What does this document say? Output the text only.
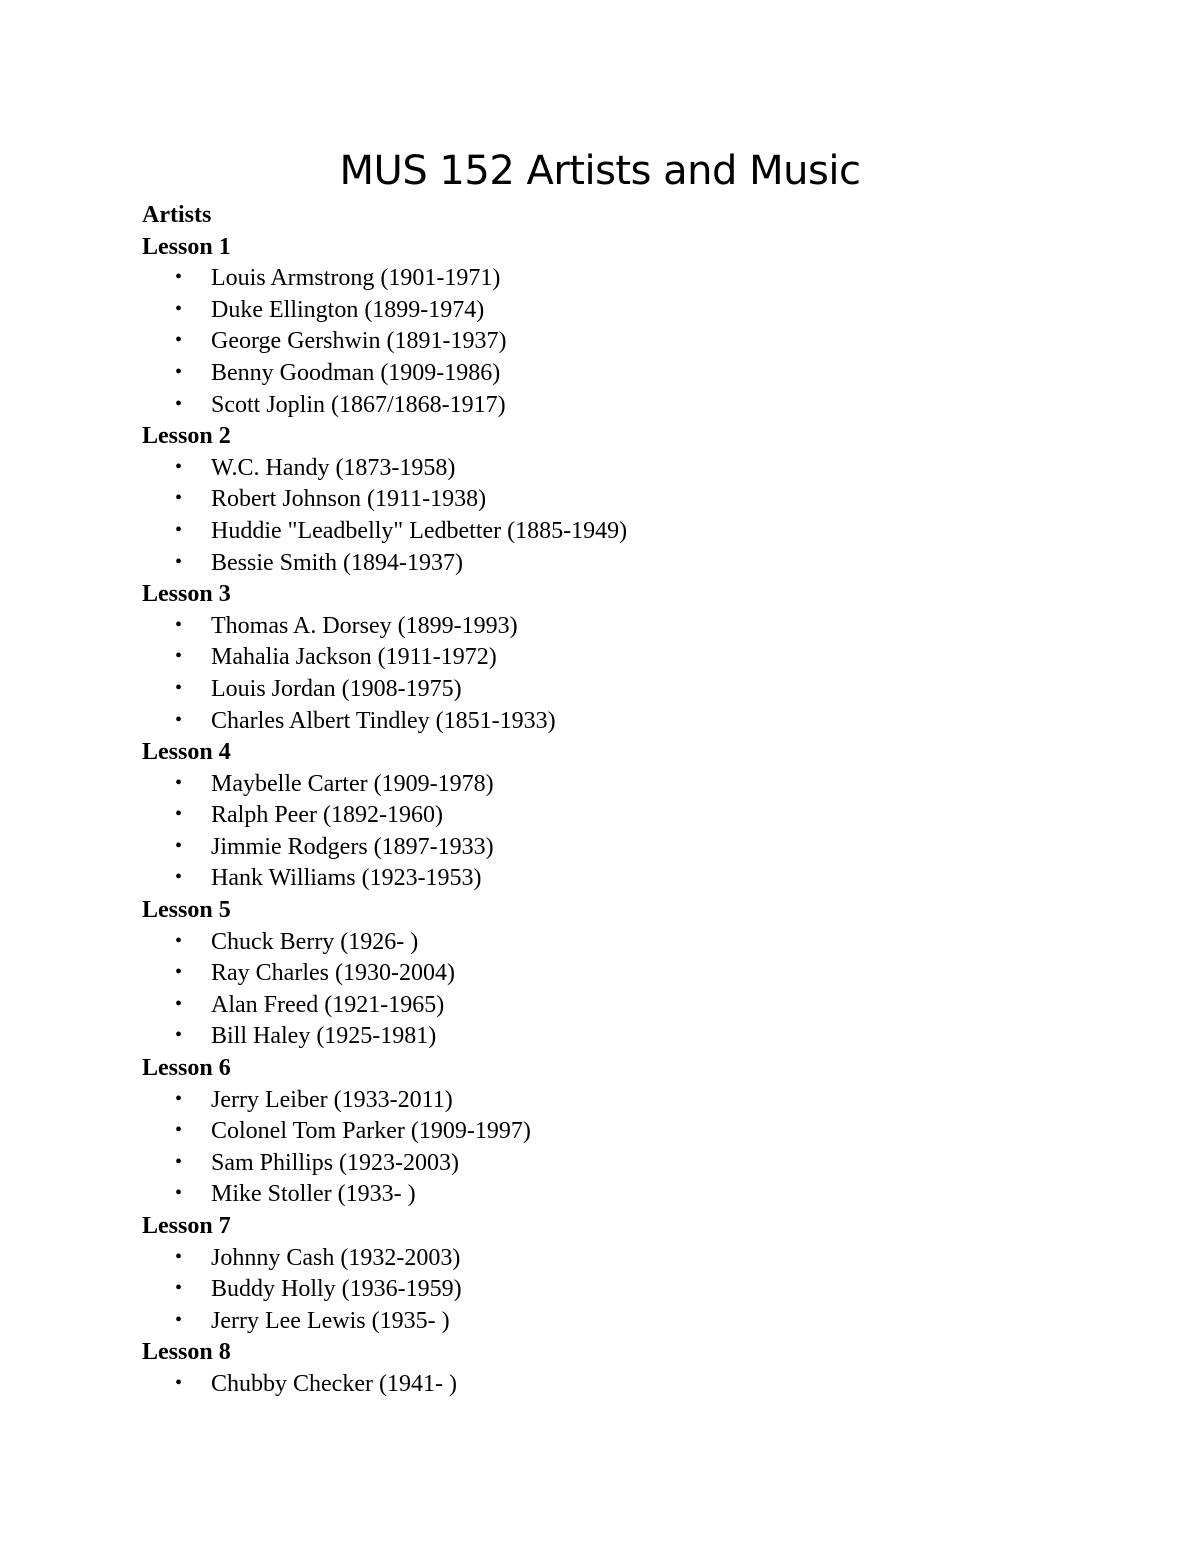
MUS 152 Artists and Music
Artists
Lesson 1
• Louis Armstrong (1901-1971)
• Duke Ellington (1899-1974)
• George Gershwin (1891-1937)
• Benny Goodman (1909-1986)
• Scott Joplin (1867/1868-1917)
Lesson 2
• W.C. Handy (1873-1958)
• Robert Johnson (1911-1938)
• Huddie "Leadbelly" Ledbetter (1885-1949)
• Bessie Smith (1894-1937)
Lesson 3
• Thomas A. Dorsey (1899-1993)
• Mahalia Jackson (1911-1972)
• Louis Jordan (1908-1975)
• Charles Albert Tindley (1851-1933)
Lesson 4
• Maybelle Carter (1909-1978)
• Ralph Peer (1892-1960)
• Jimmie Rodgers (1897-1933)
• Hank Williams (1923-1953)
Lesson 5
• Chuck Berry (1926- )
• Ray Charles (1930-2004)
• Alan Freed (1921-1965)
• Bill Haley (1925-1981)
Lesson 6
• Jerry Leiber (1933-2011)
• Colonel Tom Parker (1909-1997)
• Sam Phillips (1923-2003)
• Mike Stoller (1933- )
Lesson 7
• Johnny Cash (1932-2003)
• Buddy Holly (1936-1959)
• Jerry Lee Lewis (1935- )
Lesson 8
• Chubby Checker (1941- )
